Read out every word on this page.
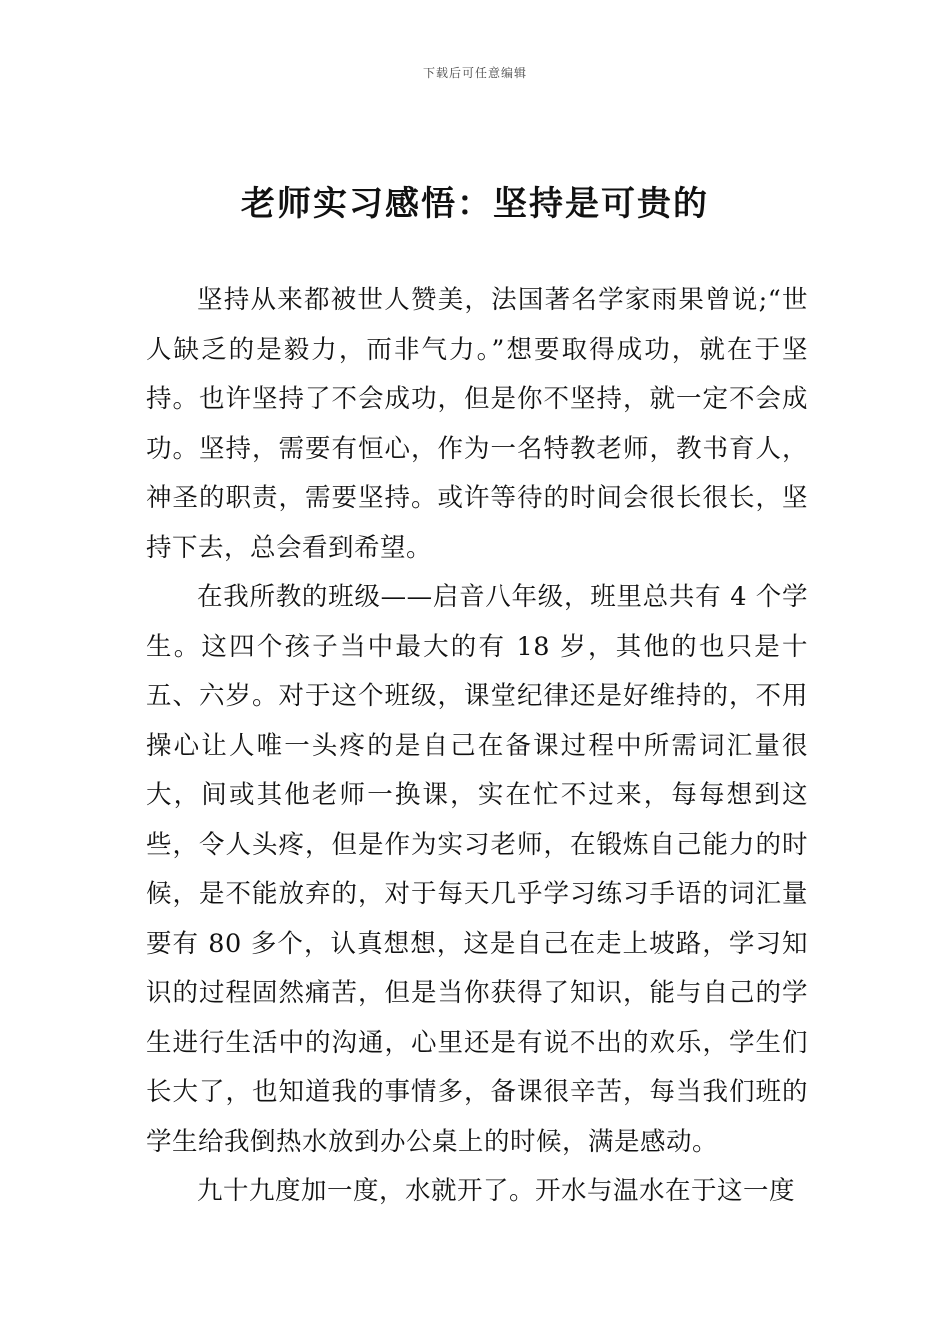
下载后可任意编辑
老师实习感悟：坚持是可贵的

坚持从来都被世人赞美，法国著名学家雨果曾说;“世人缺乏的是毅力，而非气力。”想要取得成功，就在于坚持。也许坚持了不会成功，但是你不坚持，就一定不会成功。坚持，需要有恒心，作为一名特教老师，教书育人，神圣的职责，需要坚持。或许等待的时间会很长很长，坚持下去，总会看到希望。

在我所教的班级——启音八年级，班里总共有 4 个学生。这四个孩子当中最大的有 18 岁，其他的也只是十五、六岁。对于这个班级，课堂纪律还是好维持的，不用操心让人唯一头疼的是自己在备课过程中所需词汇量很大，间或其他老师一换课，实在忙不过来，每每想到这些，令人头疼，但是作为实习老师，在锻炼自己能力的时候，是不能放弃的，对于每天几乎学习练习手语的词汇量要有 80 多个，认真想想，这是自己在走上坡路，学习知识的过程固然痛苦，但是当你获得了知识，能与自己的学生进行生活中的沟通，心里还是有说不出的欢乐，学生们长大了，也知道我的事情多，备课很辛苦，每当我们班的学生给我倒热水放到办公桌上的时候，满是感动。

九十九度加一度，水就开了。开水与温水在于这一度
